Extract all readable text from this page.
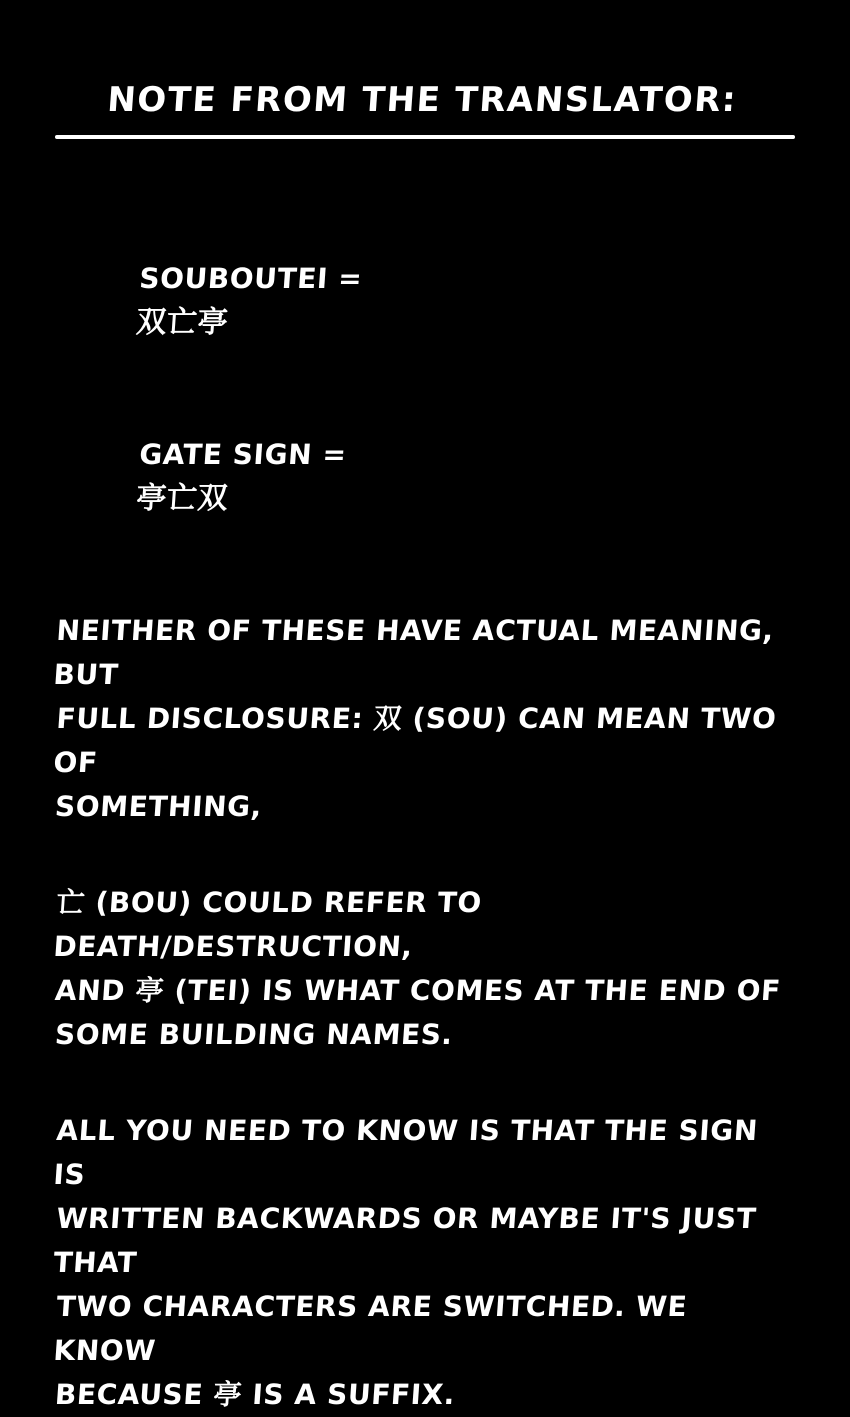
NOTE FROM THE TRANSLATOR:

SOUBOUTEI =
双亡亭

GATE SIGN =
亭亡双

NEITHER OF THESE HAVE ACTUAL MEANING, BUT
FULL DISCLOSURE: 双 (SOU) CAN MEAN TWO OF
SOMETHING,
亡 (BOU) COULD REFER TO DEATH/DESTRUCTION,
AND 亭 (TEI) IS WHAT COMES AT THE END OF
SOME BUILDING NAMES.
ALL YOU NEED TO KNOW IS THAT THE SIGN IS
WRITTEN BACKWARDS OR MAYBE IT'S JUST THAT
TWO CHARACTERS ARE SWITCHED. WE KNOW
BECAUSE 亭 IS A SUFFIX.
